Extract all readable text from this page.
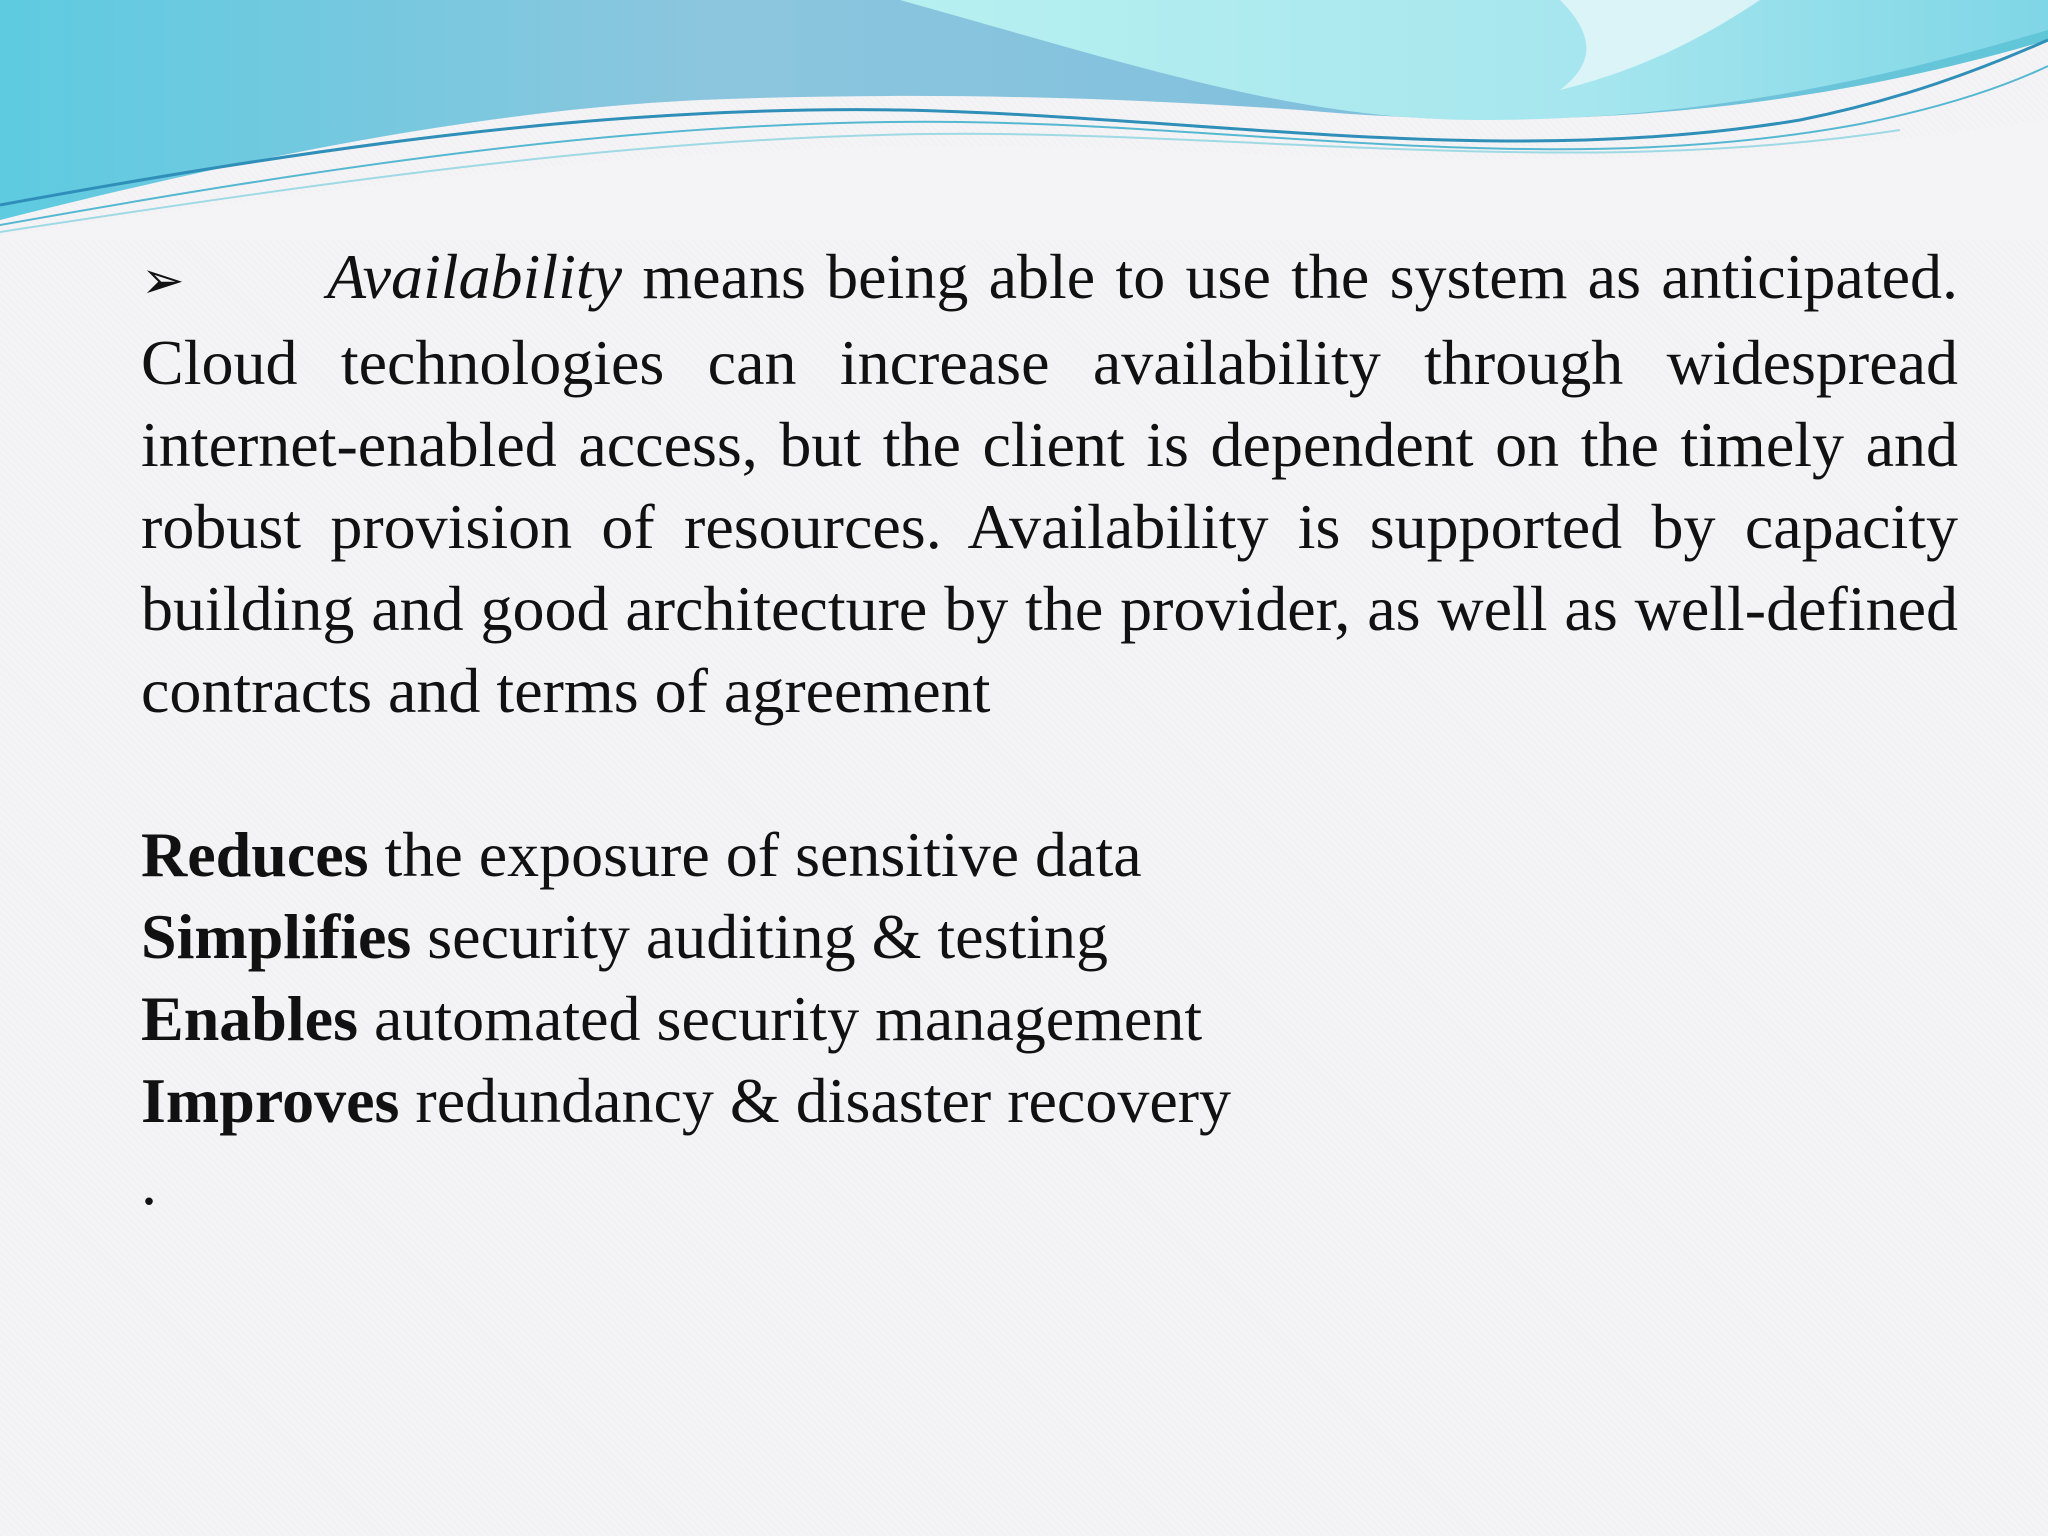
➢ Availability means being able to use the system as anticipated. Cloud technologies can increase availability through widespread internet-enabled access, but the client is dependent on the timely and robust provision of resources. Availability is supported by capacity building and good architecture by the provider, as well as well-defined contracts and terms of agreement

Reduces the exposure of sensitive data
Simplifies security auditing & testing
Enables automated security management
Improves redundancy & disaster recovery
.
